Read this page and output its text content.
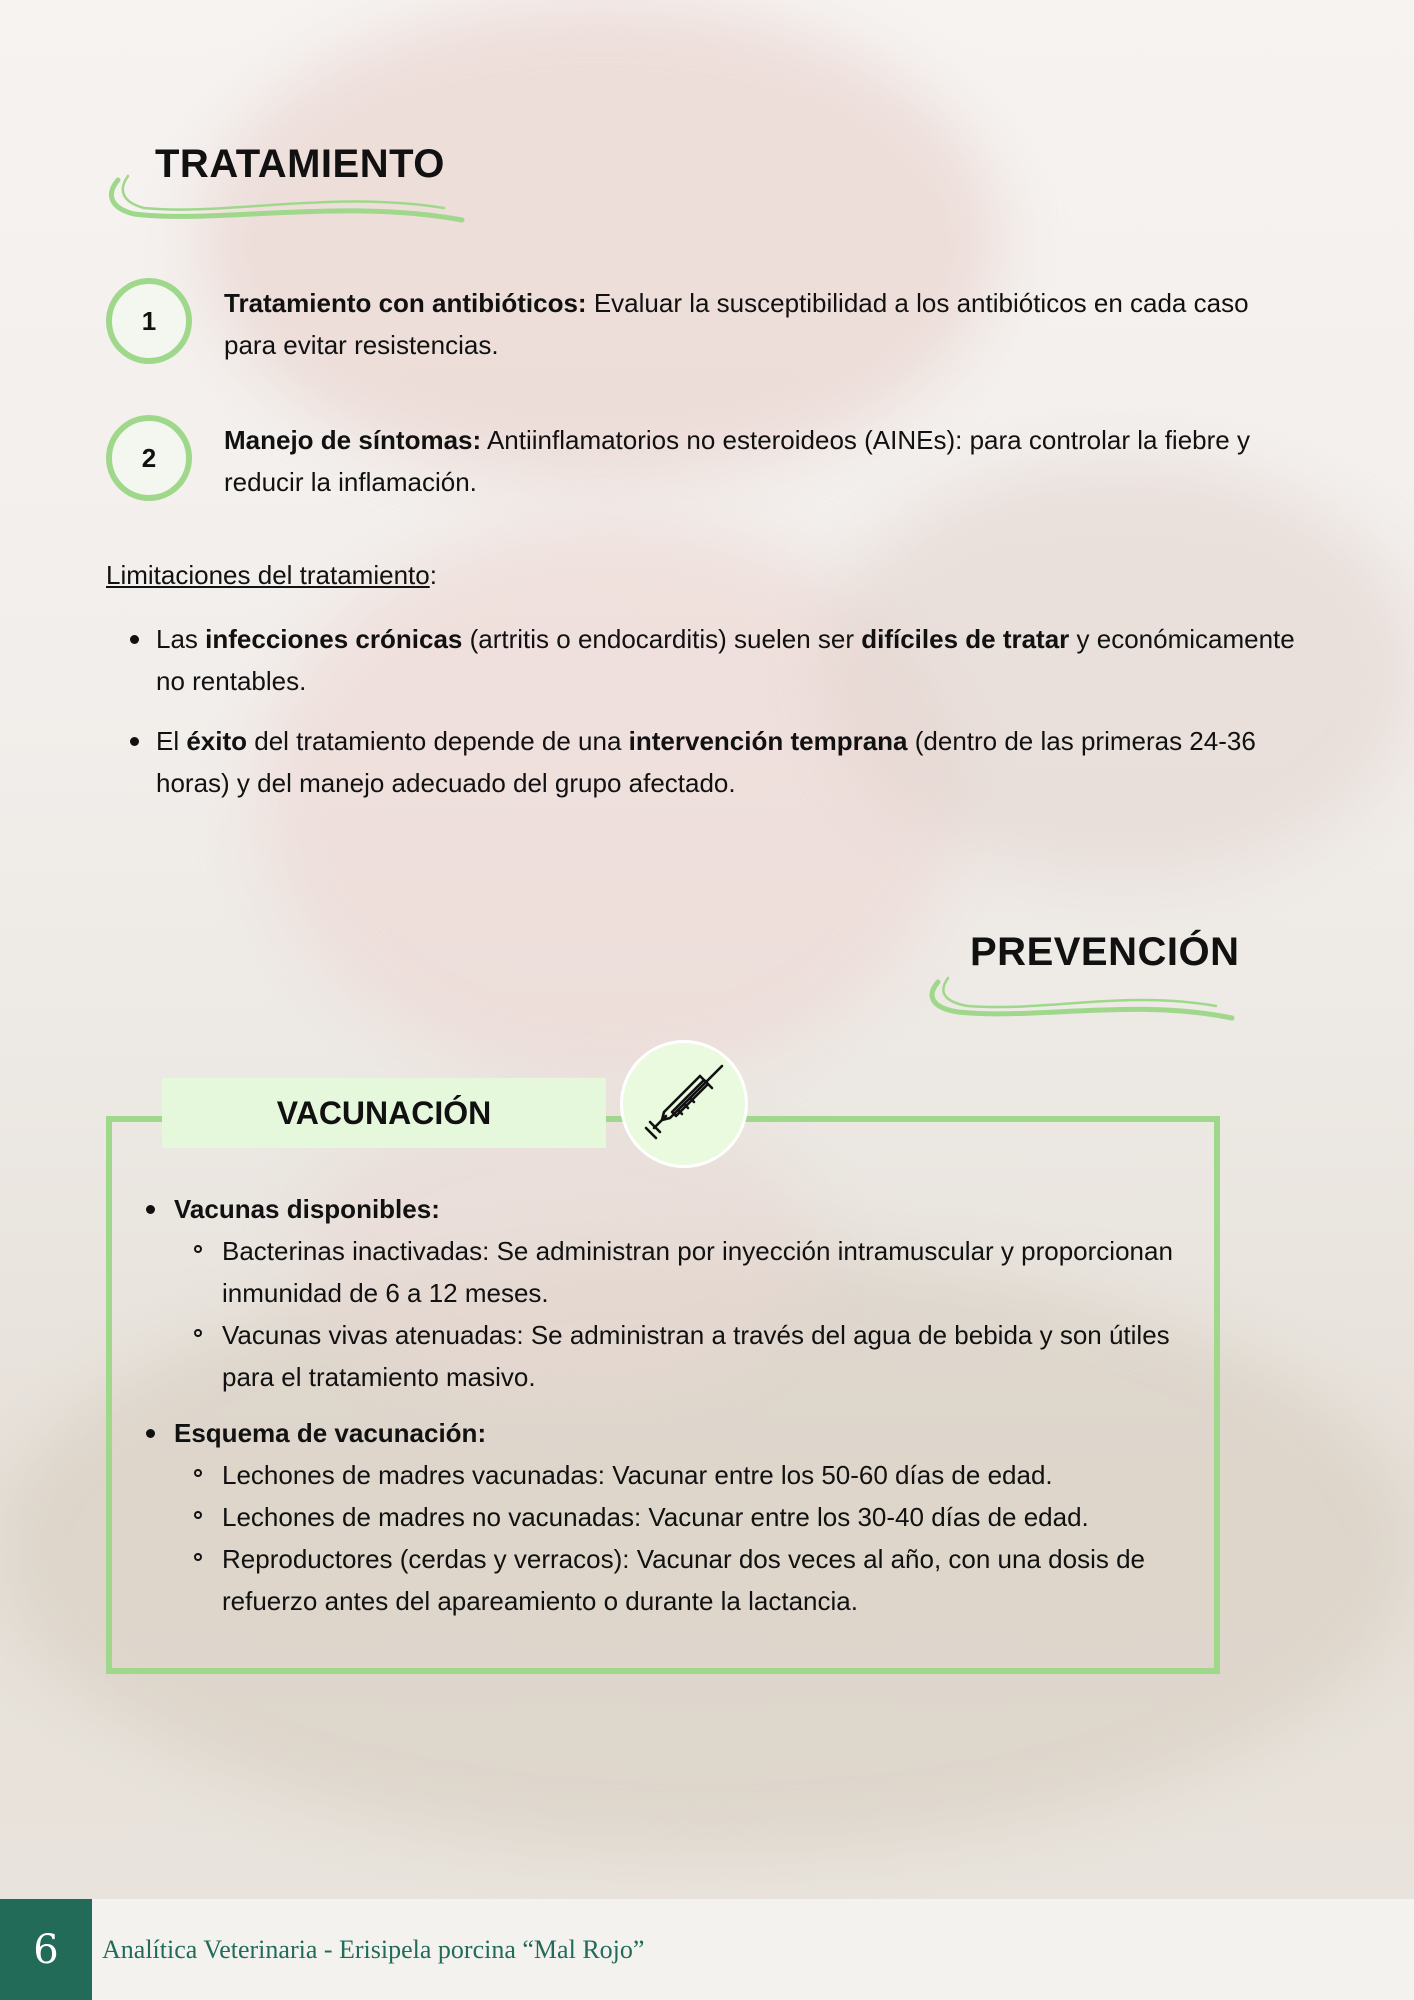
TRATAMIENTO
1

Tratamiento con antibióticos: Evaluar la susceptibilidad a los antibióticos en cada caso para evitar resistencias.

2

Manejo de síntomas: Antiinflamatorios no esteroideos (AINEs): para controlar la fiebre y reducir la inflamación.

Limitaciones del tratamiento:

Las infecciones crónicas (artritis o endocarditis) suelen ser difíciles de tratar y económicamente no rentables.
El éxito del tratamiento depende de una intervención temprana (dentro de las primeras 24-36 horas) y del manejo adecuado del grupo afectado.
PREVENCIÓN
VACUNACIÓN
Vacunas disponibles:
Bacterinas inactivadas: Se administran por inyección intramuscular y proporcionan inmunidad de 6 a 12 meses.
Vacunas vivas atenuadas: Se administran a través del agua de bebida y son útiles para el tratamiento masivo.
Esquema de vacunación:
Lechones de madres vacunadas: Vacunar entre los 50-60 días de edad.
Lechones de madres no vacunadas: Vacunar entre los 30-40 días de edad.
Reproductores (cerdas y verracos): Vacunar dos veces al año, con una dosis de refuerzo antes del apareamiento o durante la lactancia.
6	Analítica Veterinaria - Erisipela porcina “Mal Rojo”
